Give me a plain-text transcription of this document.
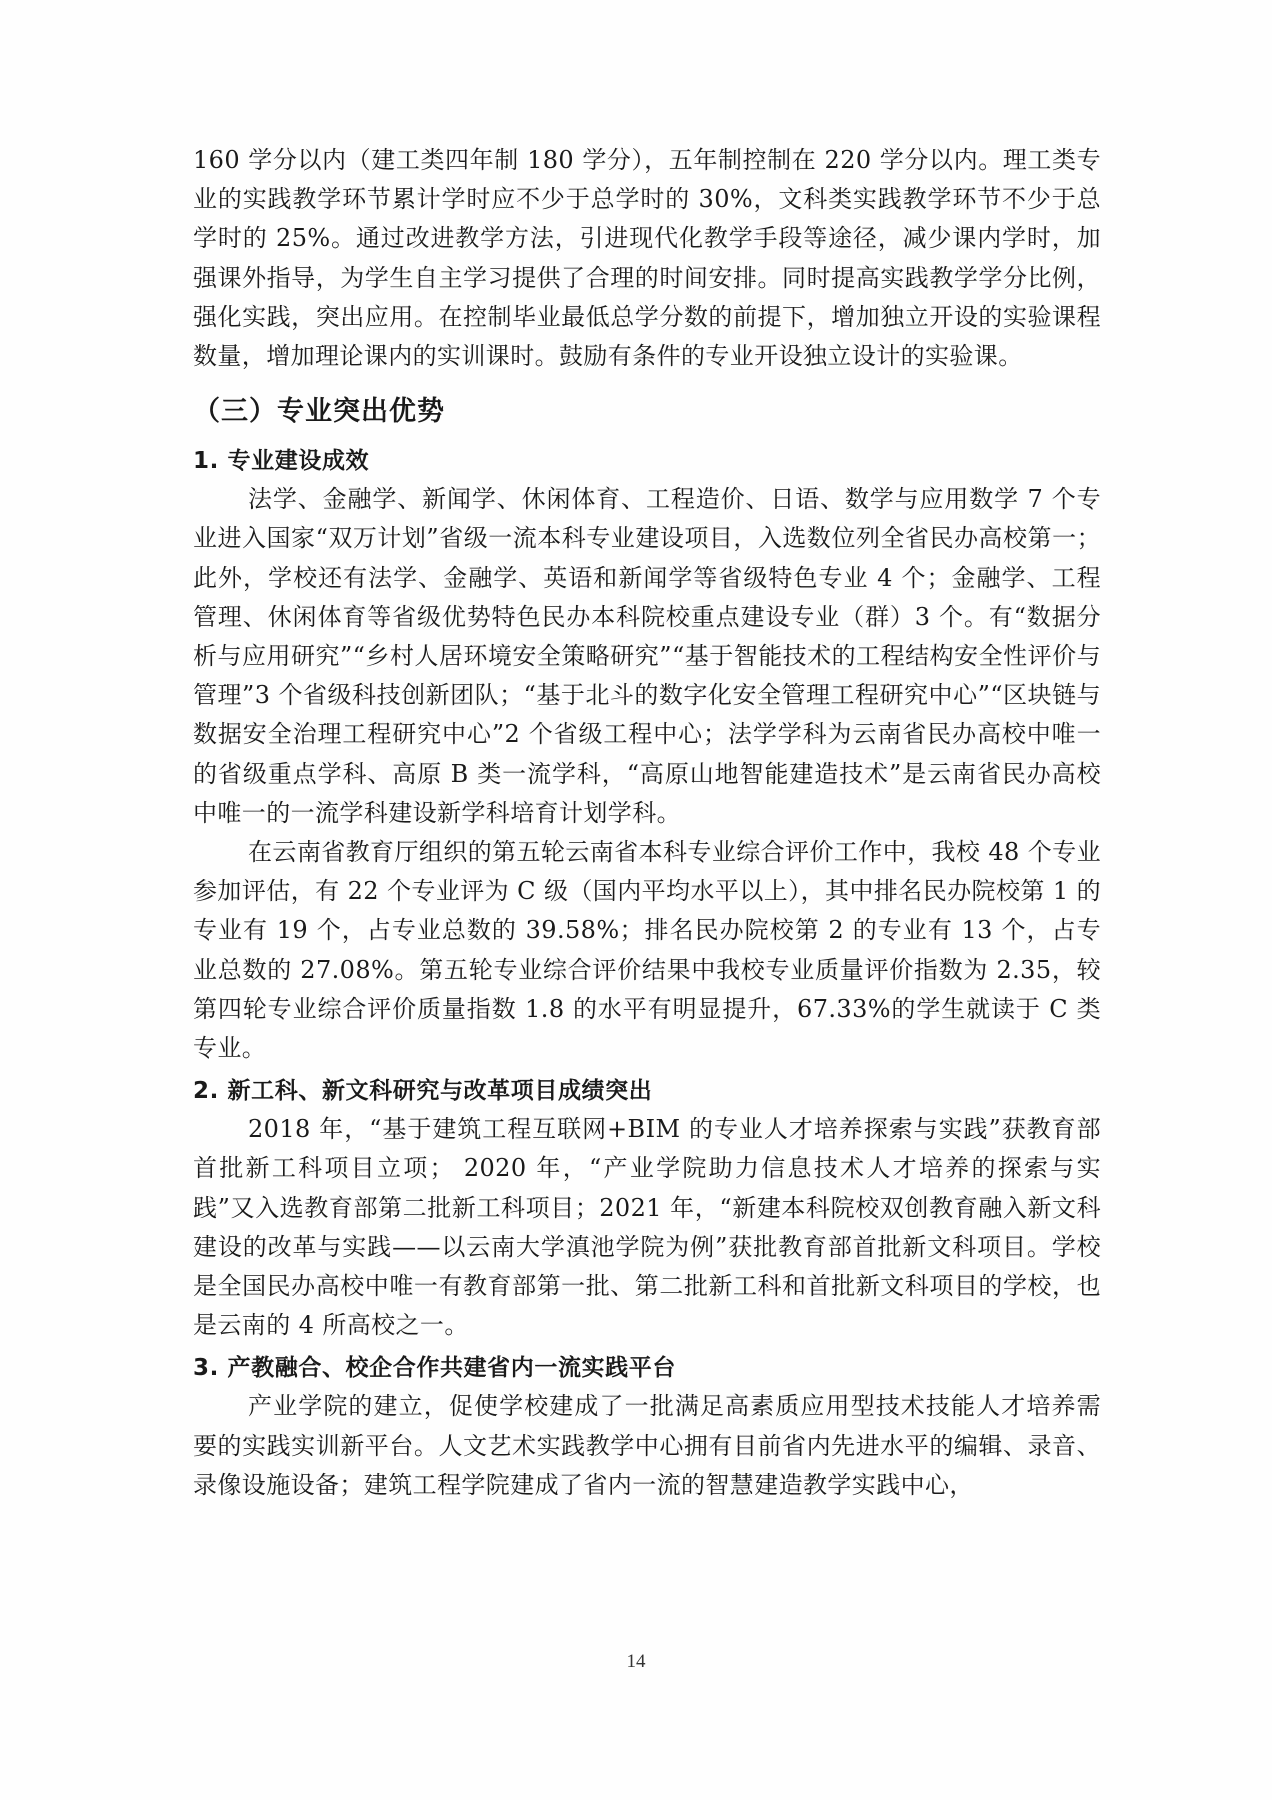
160 学分以内（建工类四年制 180 学分），五年制控制在 220 学分以内。理工类专业的实践教学环节累计学时应不少于总学时的 30%，文科类实践教学环节不少于总学时的 25%。通过改进教学方法，引进现代化教学手段等途径，减少课内学时，加强课外指导，为学生自主学习提供了合理的时间安排。同时提高实践教学学分比例，强化实践，突出应用。在控制毕业最低总学分数的前提下，增加独立开设的实验课程数量，增加理论课内的实训课时。鼓励有条件的专业开设独立设计的实验课。

（三）专业突出优势
1. 专业建设成效

法学、金融学、新闻学、休闲体育、工程造价、日语、数学与应用数学 7 个专业进入国家“双万计划”省级一流本科专业建设项目，入选数位列全省民办高校第一；此外，学校还有法学、金融学、英语和新闻学等省级特色专业 4 个；金融学、工程管理、休闲体育等省级优势特色民办本科院校重点建设专业（群）3 个。有“数据分析与应用研究”“乡村人居环境安全策略研究”“基于智能技术的工程结构安全性评价与管理”3 个省级科技创新团队；“基于北斗的数字化安全管理工程研究中心”“区块链与数据安全治理工程研究中心”2 个省级工程中心；法学学科为云南省民办高校中唯一的省级重点学科、高原 B 类一流学科，“高原山地智能建造技术”是云南省民办高校中唯一的一流学科建设新学科培育计划学科。

在云南省教育厅组织的第五轮云南省本科专业综合评价工作中，我校 48 个专业参加评估，有 22 个专业评为 C 级（国内平均水平以上），其中排名民办院校第 1 的专业有 19 个，占专业总数的 39.58%；排名民办院校第 2 的专业有 13 个，占专业总数的 27.08%。第五轮专业综合评价结果中我校专业质量评价指数为 2.35，较第四轮专业综合评价质量指数 1.8 的水平有明显提升，67.33%的学生就读于 C 类专业。

2. 新工科、新文科研究与改革项目成绩突出

2018 年，“基于建筑工程互联网+BIM 的专业人才培养探索与实践”获教育部首批新工科项目立项； 2020 年，“产业学院助力信息技术人才培养的探索与实践”又入选教育部第二批新工科项目；2021 年，“新建本科院校双创教育融入新文科建设的改革与实践——以云南大学滇池学院为例”获批教育部首批新文科项目。学校是全国民办高校中唯一有教育部第一批、第二批新工科和首批新文科项目的学校，也是云南的 4 所高校之一。

3. 产教融合、校企合作共建省内一流实践平台

产业学院的建立，促使学校建成了一批满足高素质应用型技术技能人才培养需要的实践实训新平台。人文艺术实践教学中心拥有目前省内先进水平的编辑、录音、录像设施设备；建筑工程学院建成了省内一流的智慧建造教学实践中心，

14
